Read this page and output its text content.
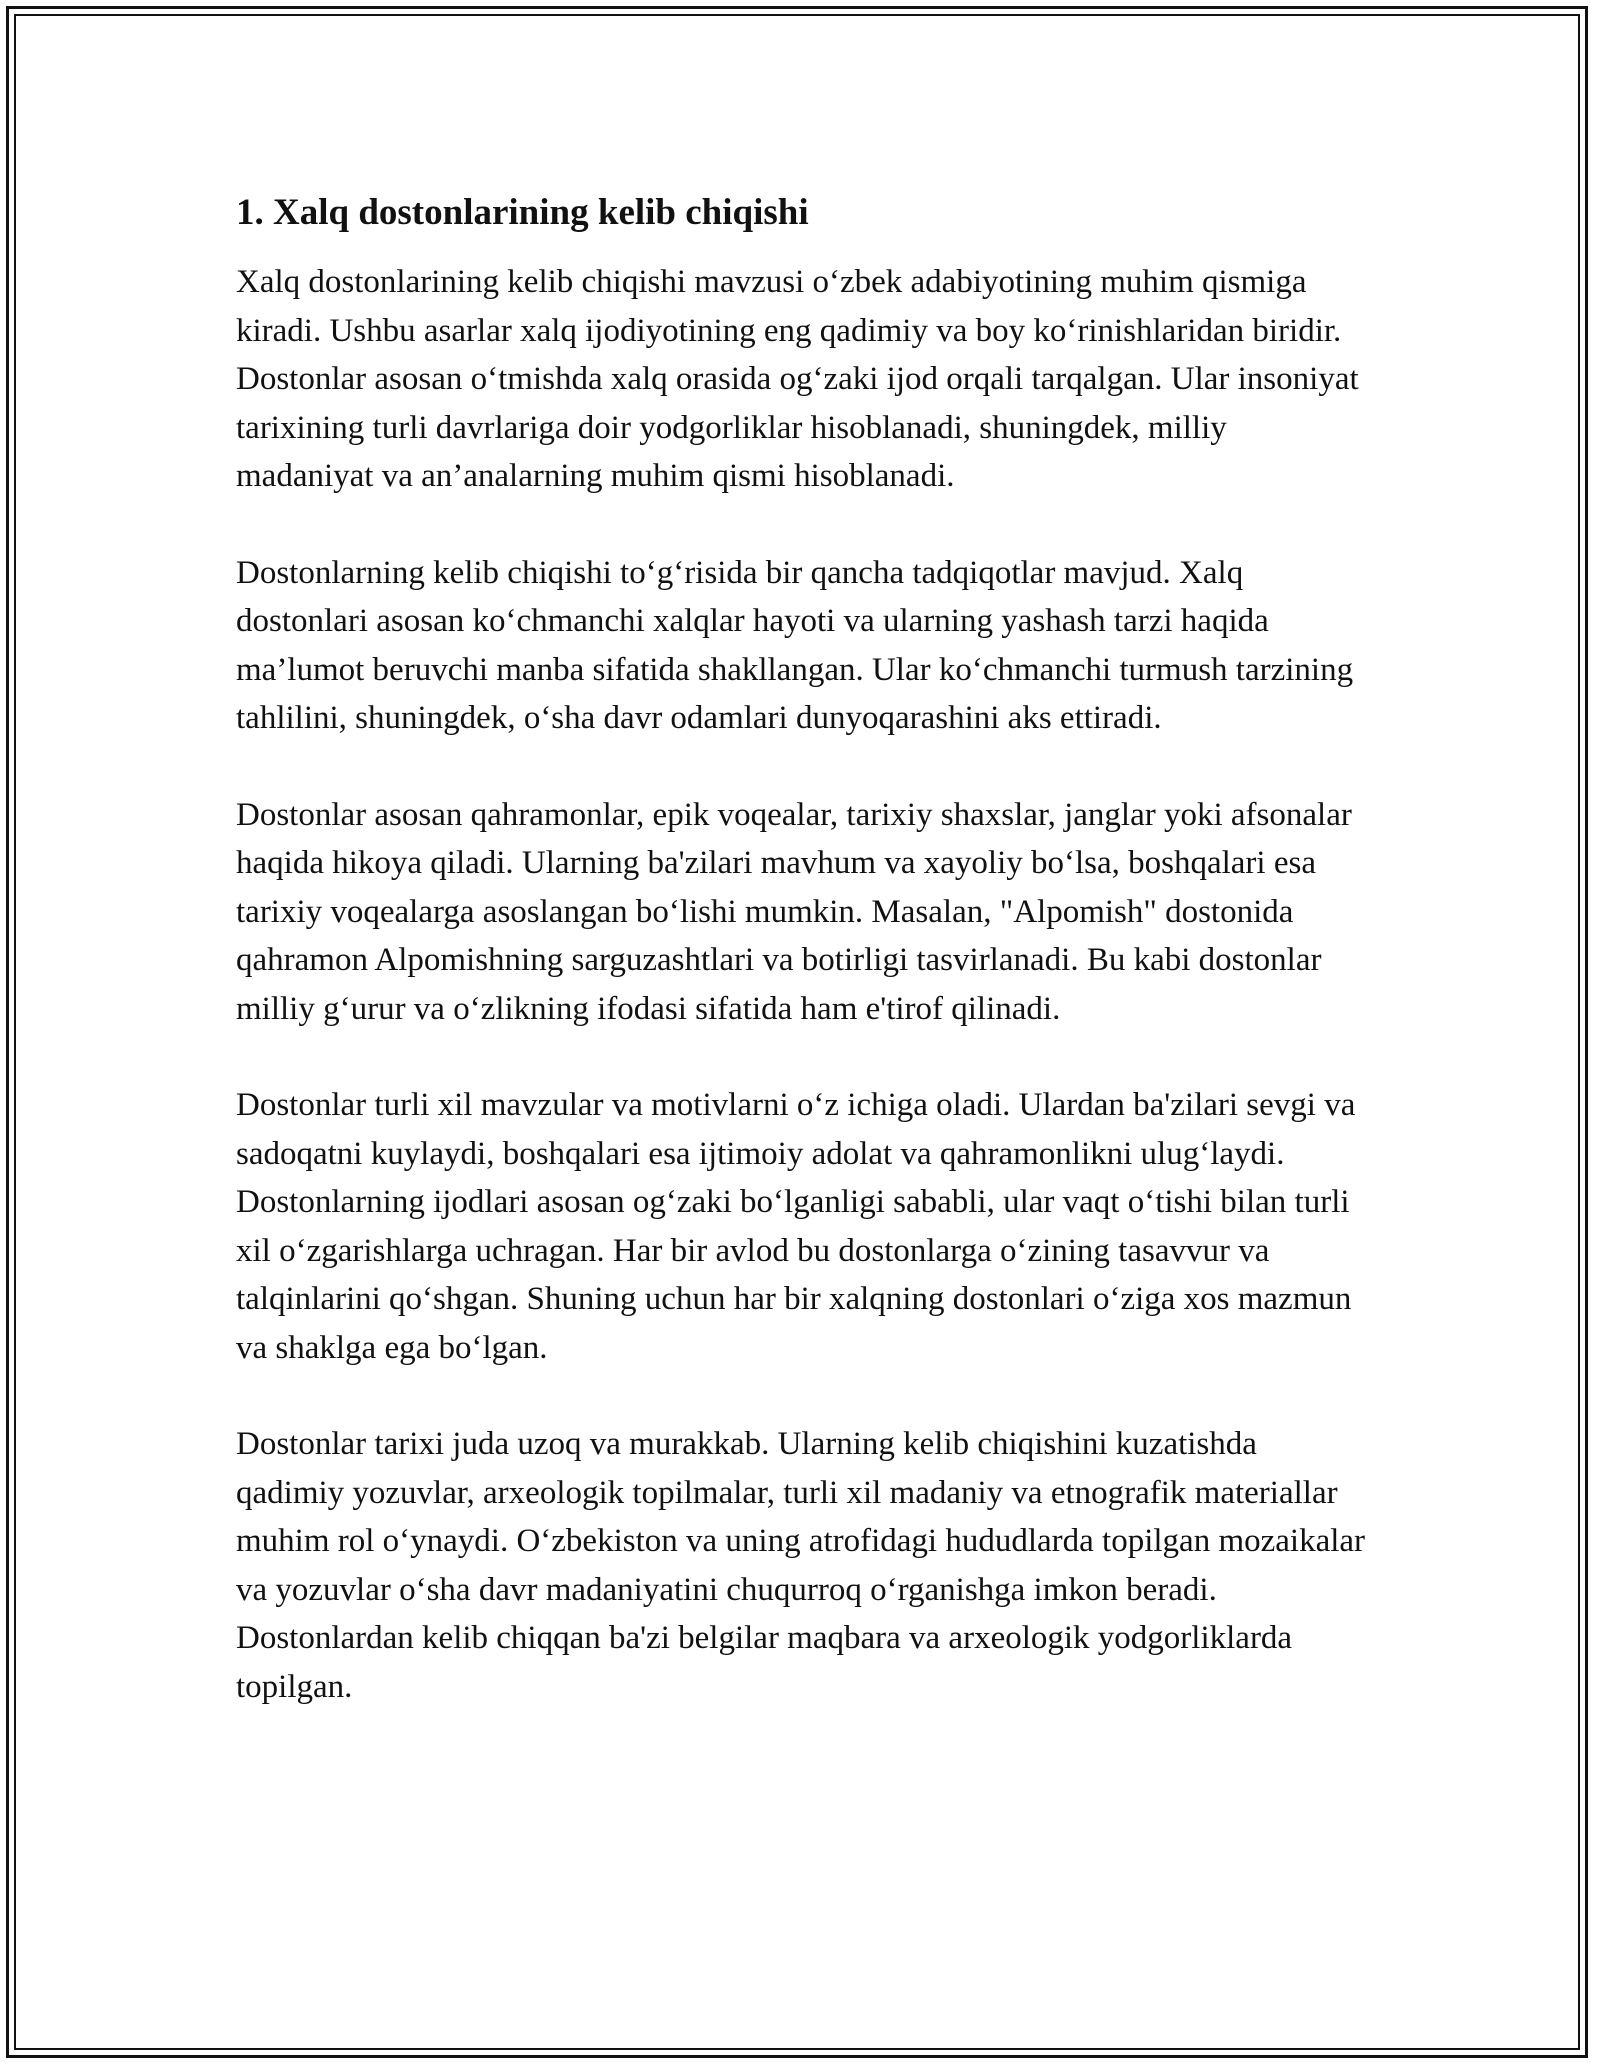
1. Xalq dostonlarining kelib chiqishi

Xalq dostonlarining kelib chiqishi mavzusi o‘zbek adabiyotining muhim qismiga kiradi. Ushbu asarlar xalq ijodiyotining eng qadimiy va boy ko‘rinishlaridan biridir. Dostonlar asosan o‘tmishda xalq orasida og‘zaki ijod orqali tarqalgan. Ular insoniyat tarixining turli davrlariga doir yodgorliklar hisoblanadi, shuningdek, milliy madaniyat va an’analarning muhim qismi hisoblanadi.

Dostonlarning kelib chiqishi to‘g‘risida bir qancha tadqiqotlar mavjud. Xalq dostonlari asosan ko‘chmanchi xalqlar hayoti va ularning yashash tarzi haqida ma’lumot beruvchi manba sifatida shakllangan. Ular ko‘chmanchi turmush tarzining tahlilini, shuningdek, o‘sha davr odamlari dunyoqarashini aks ettiradi.

Dostonlar asosan qahramonlar, epik voqealar, tarixiy shaxslar, janglar yoki afsonalar haqida hikoya qiladi. Ularning ba'zilari mavhum va xayoliy bo‘lsa, boshqalari esa tarixiy voqealarga asoslangan bo‘lishi mumkin. Masalan, "Alpomish" dostonida qahramon Alpomishning sarguzashtlari va botirligi tasvirlanadi. Bu kabi dostonlar milliy g‘urur va o‘zlikning ifodasi sifatida ham e'tirof qilinadi.

Dostonlar turli xil mavzular va motivlarni o‘z ichiga oladi. Ulardan ba'zilari sevgi va sadoqatni kuylaydi, boshqalari esa ijtimoiy adolat va qahramonlikni ulug‘laydi. Dostonlarning ijodlari asosan og‘zaki bo‘lganligi sababli, ular vaqt o‘tishi bilan turli xil o‘zgarishlarga uchragan. Har bir avlod bu dostonlarga o‘zining tasavvur va talqinlarini qo‘shgan. Shuning uchun har bir xalqning dostonlari o‘ziga xos mazmun va shaklga ega bo‘lgan.

Dostonlar tarixi juda uzoq va murakkab. Ularning kelib chiqishini kuzatishda qadimiy yozuvlar, arxeologik topilmalar, turli xil madaniy va etnografik materiallar muhim rol o‘ynaydi. O‘zbekiston va uning atrofidagi hududlarda topilgan mozaikalar va yozuvlar o‘sha davr madaniyatini chuqurroq o‘rganishga imkon beradi. Dostonlardan kelib chiqqan ba'zi belgilar maqbara va arxeologik yodgorliklarda topilgan.
